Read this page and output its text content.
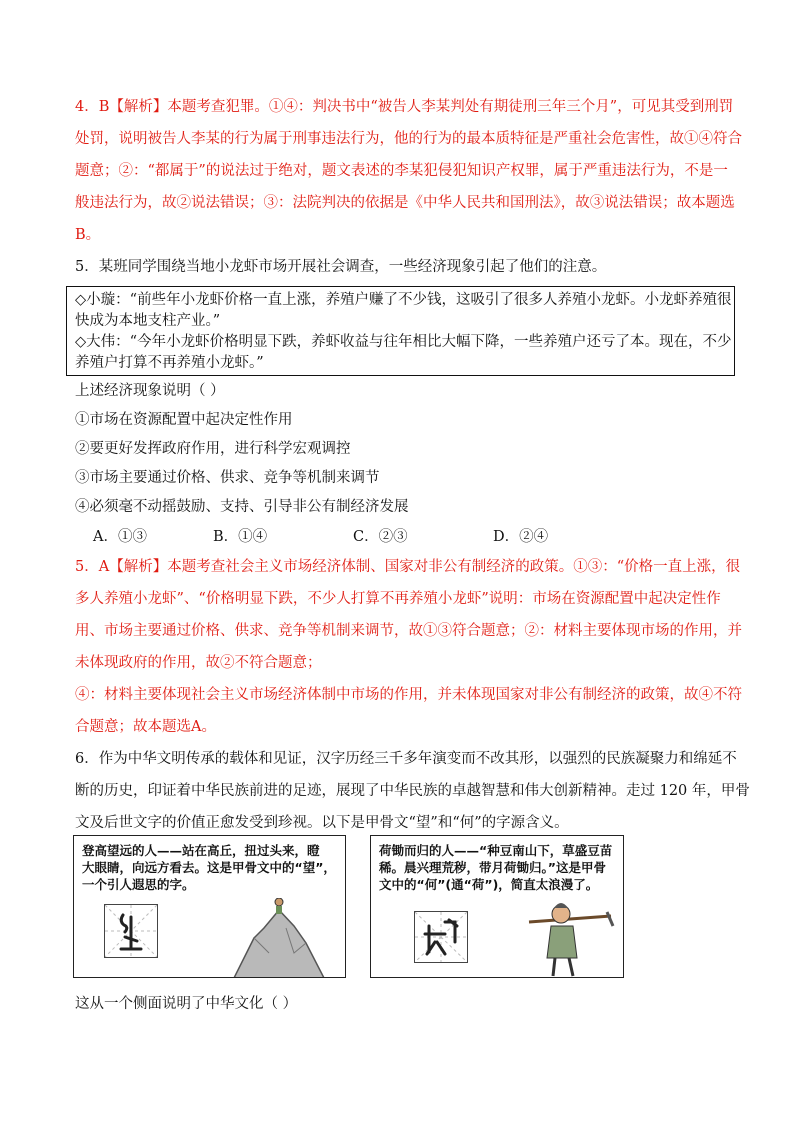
4．B【解析】本题考查犯罪。①④：判决书中“被告人李某判处有期徒刑三年三个月”，可见其受到刑罚
处罚，说明被告人李某的行为属于刑事违法行为，他的行为的最本质特征是严重社会危害性，故①④符合
题意；②：“都属于”的说法过于绝对，题文表述的李某犯侵犯知识产权罪，属于严重违法行为，不是一
般违法行为，故②说法错误；③：法院判决的依据是《中华人民共和国刑法》，故③说法错误；故本题选
B。
5．某班同学围绕当地小龙虾市场开展社会调查，一些经济现象引起了他们的注意。
◇小璇：“前些年小龙虾价格一直上涨，养殖户赚了不少钱，这吸引了很多人养殖小龙虾。小龙虾养殖很
快成为本地支柱产业。”
◇大伟：“今年小龙虾价格明显下跌，养虾收益与往年相比大幅下降，一些养殖户还亏了本。现在，不少
养殖户打算不再养殖小龙虾。”
上述经济现象说明（ ）
①市场在资源配置中起决定性作用
②要更好发挥政府作用，进行科学宏观调控
③市场主要通过价格、供求、竞争等机制来调节
④必须毫不动摇鼓励、支持、引导非公有制经济发展
A．①③	B．①④	C．②③	D．②④
5．A【解析】本题考查社会主义市场经济体制、国家对非公有制经济的政策。①③：“价格一直上涨，很
多人养殖小龙虾”、“价格明显下跌，不少人打算不再养殖小龙虾”说明：市场在资源配置中起决定性作
用、市场主要通过价格、供求、竞争等机制来调节，故①③符合题意；②：材料主要体现市场的作用，并
未体现政府的作用，故②不符合题意；
④：材料主要体现社会主义市场经济体制中市场的作用，并未体现国家对非公有制经济的政策，故④不符
合题意；故本题选A。
6．作为中华文明传承的载体和见证，汉字历经三千多年演变而不改其形，以强烈的民族凝聚力和绵延不
断的历史，印证着中华民族前进的足迹，展现了中华民族的卓越智慧和伟大创新精神。走过 120 年，甲骨
文及后世文字的价值正愈发受到珍视。以下是甲骨文“望”和“何”的字源含义。
登高望远的人——站在高丘，扭过头来，瞪
大眼睛，向远方看去。这是甲骨文中的“望”，
一个引人遐思的字。
荷锄而归的人——“种豆南山下，草盛豆苗
稀。晨兴理荒秽，带月荷锄归。”这是甲骨
文中的“何”(通“荷”)，简直太浪漫了。
这从一个侧面说明了中华文化（ ）
